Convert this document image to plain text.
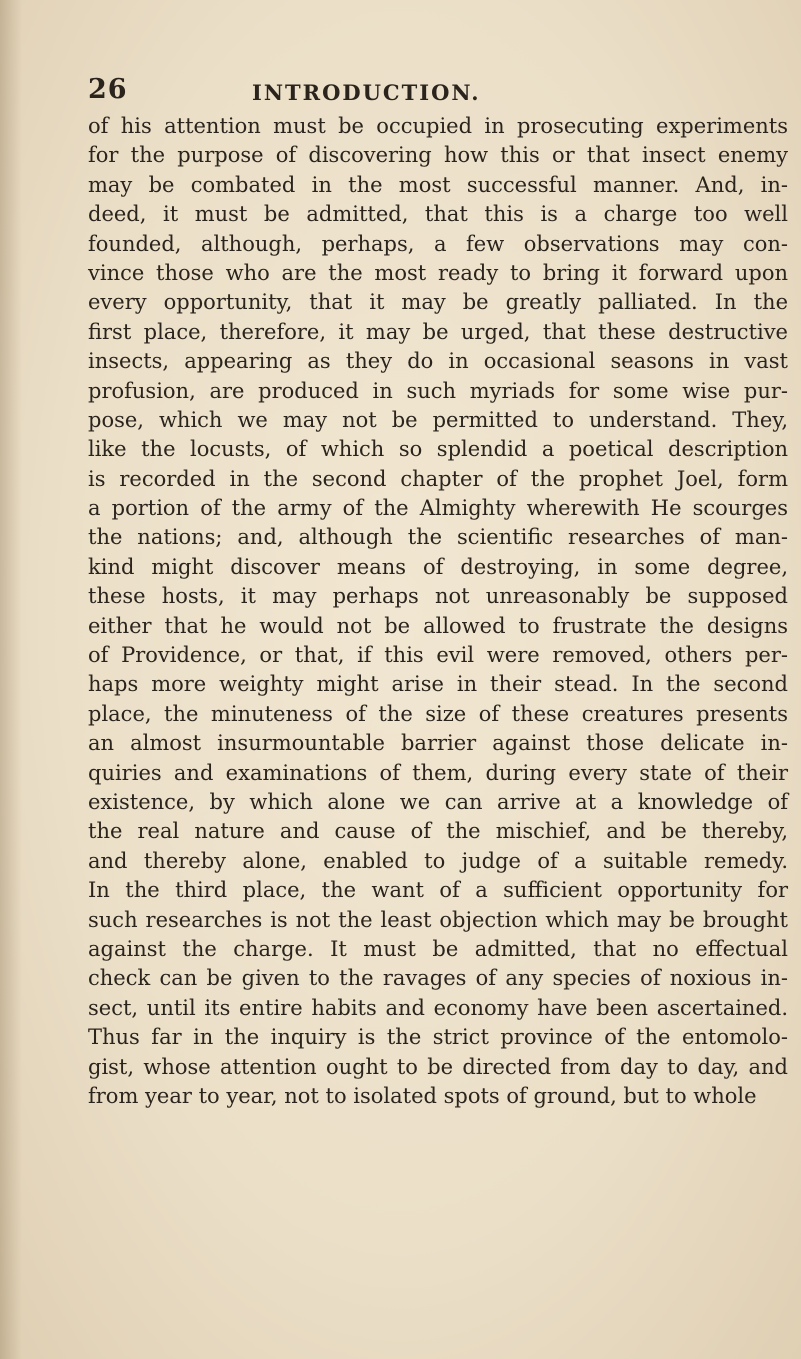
26	INTRODUCTION.
of his attention must be occupied in prosecuting experiments
for the purpose of discovering how this or that insect enemy
may be combated in the most successful manner. And, in-
deed, it must be admitted, that this is a charge too well
founded, although, perhaps, a few observations may con-
vince those who are the most ready to bring it forward upon
every opportunity, that it may be greatly palliated. In the
first place, therefore, it may be urged, that these destructive
insects, appearing as they do in occasional seasons in vast
profusion, are produced in such myriads for some wise pur-
pose, which we may not be permitted to understand. They,
like the locusts, of which so splendid a poetical description
is recorded in the second chapter of the prophet Joel, form
a portion of the army of the Almighty wherewith He scourges
the nations; and, although the scientific researches of man-
kind might discover means of destroying, in some degree,
these hosts, it may perhaps not unreasonably be supposed
either that he would not be allowed to frustrate the designs
of Providence, or that, if this evil were removed, others per-
haps more weighty might arise in their stead. In the second
place, the minuteness of the size of these creatures presents
an almost insurmountable barrier against those delicate in-
quiries and examinations of them, during every state of their
existence, by which alone we can arrive at a knowledge of
the real nature and cause of the mischief, and be thereby,
and thereby alone, enabled to judge of a suitable remedy.
In the third place, the want of a sufficient opportunity for
such researches is not the least objection which may be brought
against the charge. It must be admitted, that no effectual
check can be given to the ravages of any species of noxious in-
sect, until its entire habits and economy have been ascertained.
Thus far in the inquiry is the strict province of the entomolo-
gist, whose attention ought to be directed from day to day, and
from year to year, not to isolated spots of ground, but to whole
